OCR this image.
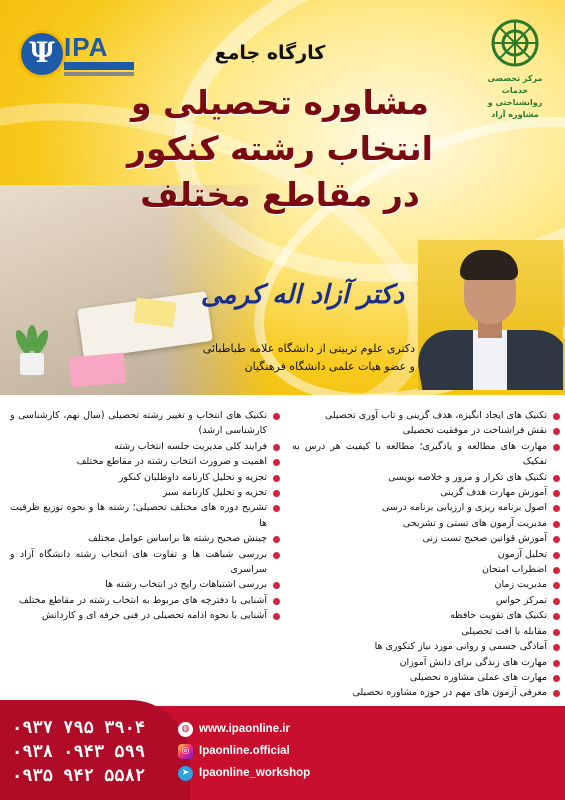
Ψ IPA
مرکز تخصصی خدمات روانشناختی و مشاوره آزاد
کارگاه جامع
مشاوره تحصیلی و
انتخاب رشته کنکور
در مقاطع مختلف
دکتر آزاد اله کرمی
دکتری علوم تربیتی از دانشگاه علامه طباطبائی
و عضو هیات علمی دانشگاه فرهنگیان
تکنیک های ایجاد انگیزه، هدف گزینی و تاب آوری تحصیلی
نقش فراشناخت در موفقیت تحصیلی
مهارت های مطالعه و یادگیری؛ مطالعه با کیفیت هر درس به تفکیک
تکنیک های تکرار و مرور و خلاصه نویسی
آموزش مهارت هدف گزینی
اصول برنامه ریزی و ارزیابی برنامه درسی
مدیریت آزمون های تستی و تشریحی
آموزش قوانین صحیح تست زنی
تحلیل آزمون
اضطراب امتحان
مدیریت زمان
تمرکز حواس
تکنیک های تقویت حافظه
مقابله با افت تحصیلی
آمادگی جسمی و روانی مورد نیاز کنکوری ها
مهارت های زندگی برای دانش آموزان
مهارت های عملی مشاوره تحصیلی
معرفی آزمون های مهم در حوزه مشاوره تحصیلی
تکنیک های انتخاب و تغییر رشته تحصیلی (سال نهم، کارشناسی و کارشناسی ارشد)
فرایند کلی مدیریت جلسه انتخاب رشته
اهمیت و ضرورت انتخاب رشته در مقاطع مختلف
تجزیه و تحلیل کارنامه داوطلبان کنکور
تجزیه و تحلیل کارنامه سبز
تشریح دوره های مختلف تحصیلی؛ رشته ها و نحوه توزیع ظرفیت ها
چینش صحیح رشته ها براساس عوامل مختلف
بررسی شباهت ها و تفاوت های انتخاب رشته دانشگاه آزاد و سراسری
بررسی اشتباهات رایج در انتخاب رشته ها
آشنایی با دفترچه های مربوط به انتخاب رشته در مقاطع مختلف
آشنایی با نحوه ادامه تحصیلی در فنی حرفه ای و کاردانش
۰۹۳۷ ۷۹۵ ۳۹۰۴
۰۹۳۸ ۰۹۴۳ ۵۹۹
۰۹۳۵ ۹۴۲ ۵۵۸۲
◍ www.ipaonline.ir
◎ Ipaonline.official
➤ Ipaonline_workshop
